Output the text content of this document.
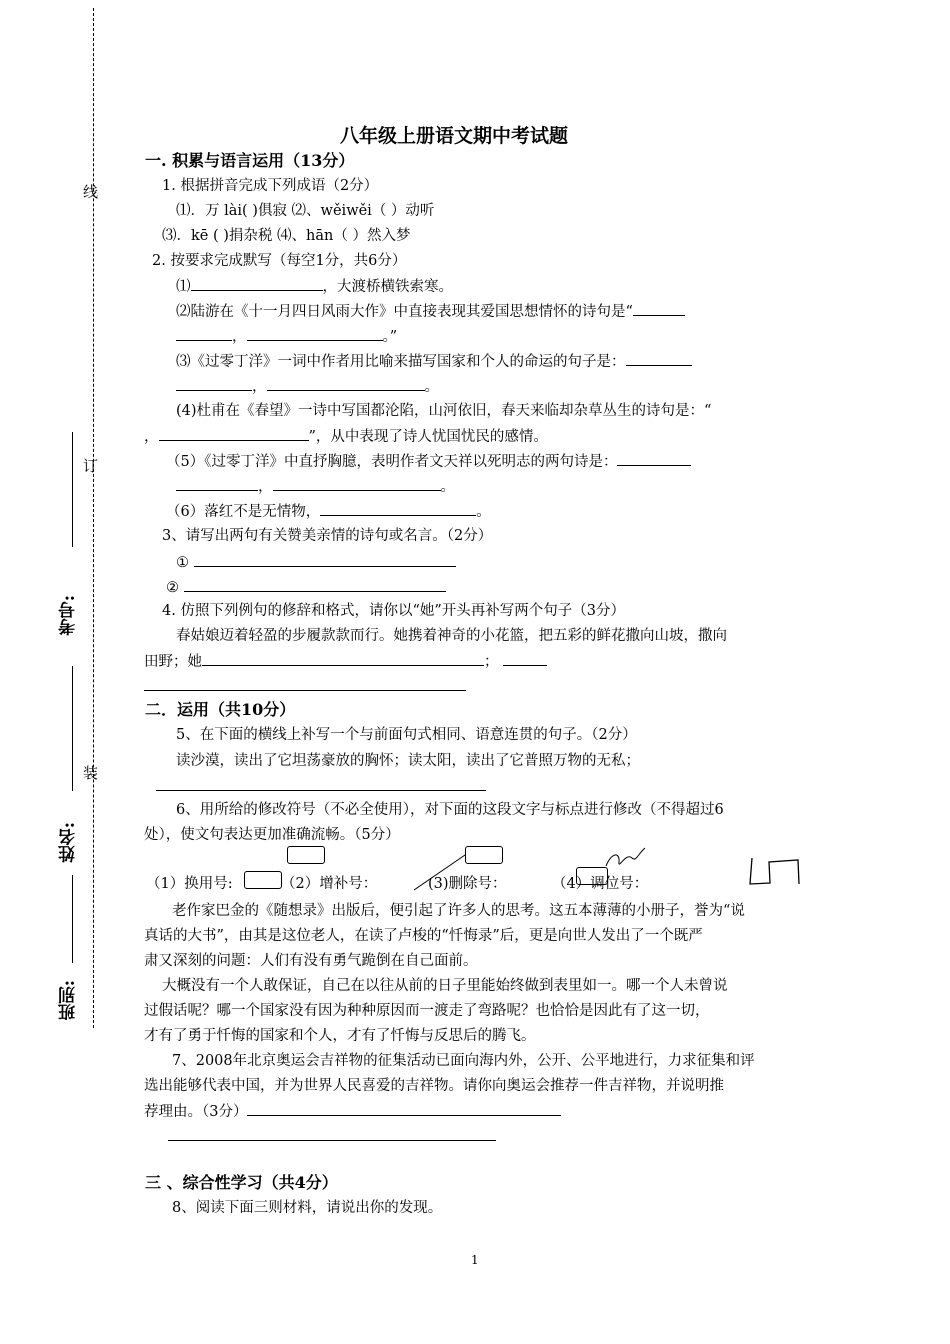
线
订
装
考号:
姓名:
班别:
八年级上册语文期中考试题
一. 积累与语言运用（13分）
1. 根据拼音完成下列成语（2分）
⑴．万 lài( )俱寂 ⑵、wěiwěi（ ）动听
⑶．kē ( )捐杂税 ⑷、hān（ ）然入梦
2. 按要求完成默写（每空1分，共6分）
⑴	，大渡桥横铁索寒。
⑵陆游在《十一月四日风雨大作》中直接表现其爱国思想情怀的诗句是“
，	。”
⑶《过零丁洋》一词中作者用比喻来描写国家和个人的命运的句子是：
，	。
(4)杜甫在《春望》一诗中写国都沦陷，山河依旧，春天来临却杂草丛生的诗句是：“
，	”，从中表现了诗人忧国忧民的感情。
（5）《过零丁洋》中直抒胸臆，表明作者文天祥以死明志的两句诗是：
，	。
（6）落红不是无情物，	。
3、请写出两句有关赞美亲情的诗句或名言。（2分）
①
②
4. 仿照下列例句的修辞和格式，请你以“她”开头再补写两个句子（3分）
春姑娘迈着轻盈的步履款款而行。她携着神奇的小花篮，把五彩的鲜花撒向山坡，撒向
田野；她	；
二．运用（共10分）
5、在下面的横线上补写一个与前面句式相同、语意连贯的句子。（2分）
读沙漠，读出了它坦荡豪放的胸怀；读太阳，读出了它普照万物的无私；
6、用所给的修改符号（不必全使用），对下面的这段文字与标点进行修改（不得超过6
处），使文句表达更加准确流畅。（5分）
（1）换用号:	（2）增补号：	(3)删除号：	（4）调位号：
老作家巴金的《随想录》出版后，便引起了许多人的思考。这五本薄薄的小册子，誉为“说
真话的大书”，由其是这位老人，在读了卢梭的“忏悔录”后，更是向世人发出了一个既严
肃又深刻的问题：人们有没有勇气跪倒在自己面前。
大概没有一个人敢保证，自己在以往从前的日子里能始终做到表里如一。哪一个人未曾说
过假话呢？哪一个国家没有因为种种原因而一渡走了弯路呢？也恰恰是因此有了这一切，
才有了勇于忏悔的国家和个人，才有了忏悔与反思后的腾飞。
7、2008年北京奥运会吉祥物的征集活动已面向海内外，公开、公平地进行，力求征集和评
选出能够代表中国，并为世界人民喜爱的吉祥物。请你向奥运会推荐一件吉祥物，并说明推
荐理由。（3分）
三 、综合性学习（共4分）
8、阅读下面三则材料，请说出你的发现。
1
